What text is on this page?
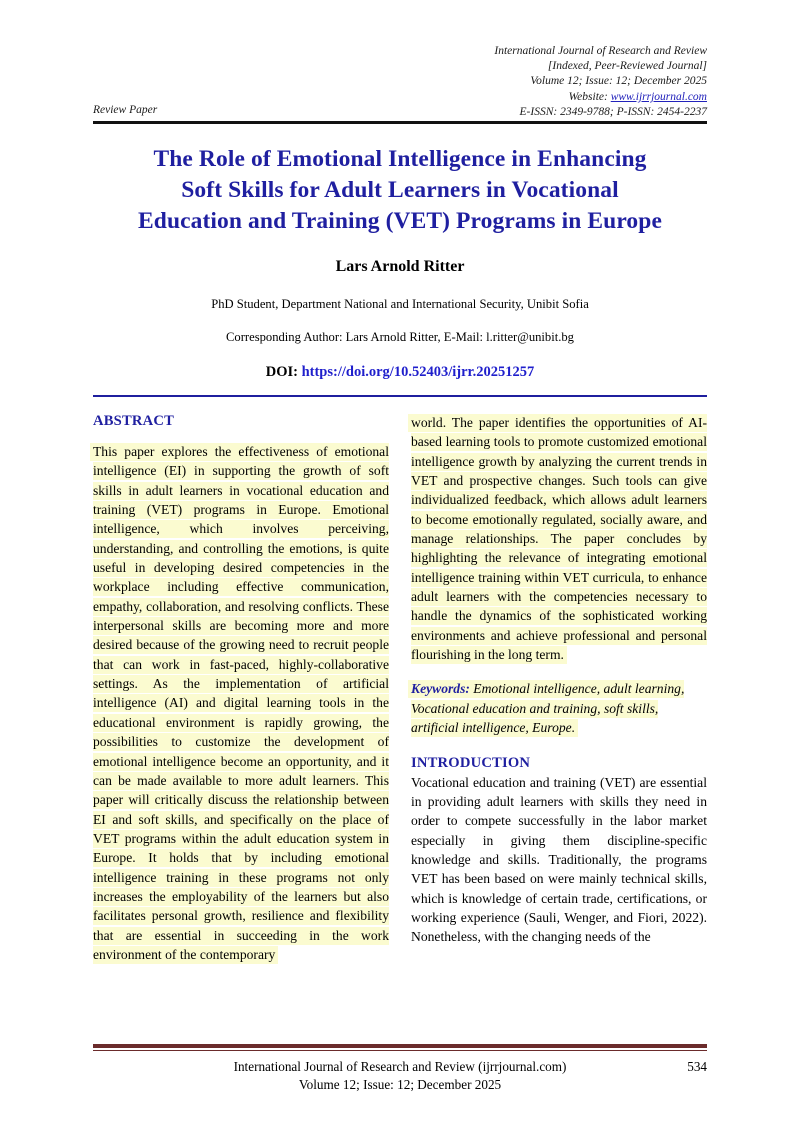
International Journal of Research and Review
[Indexed, Peer-Reviewed Journal]
Volume 12; Issue: 12; December 2025
Website: www.ijrrjournal.com
E-ISSN: 2349-9788; P-ISSN: 2454-2237
Review Paper
The Role of Emotional Intelligence in Enhancing
Soft Skills for Adult Learners in Vocational
Education and Training (VET) Programs in Europe
Lars Arnold Ritter
PhD Student, Department National and International Security, Unibit Sofia
Corresponding Author: Lars Arnold Ritter, E-Mail: l.ritter@unibit.bg
DOI: https://doi.org/10.52403/ijrr.20251257
ABSTRACT

This paper explores the effectiveness of emotional intelligence (EI) in supporting the growth of soft skills in adult learners in vocational education and training (VET) programs in Europe. Emotional intelligence, which involves perceiving, understanding, and controlling the emotions, is quite useful in developing desired competencies in the workplace including effective communication, empathy, collaboration, and resolving conflicts. These interpersonal skills are becoming more and more desired because of the growing need to recruit people that can work in fast-paced, highly-collaborative settings. As the implementation of artificial intelligence (AI) and digital learning tools in the educational environment is rapidly growing, the possibilities to customize the development of emotional intelligence become an opportunity, and it can be made available to more adult learners. This paper will critically discuss the relationship between EI and soft skills, and specifically on the place of VET programs within the adult education system in Europe. It holds that by including emotional intelligence training in these programs not only increases the employability of the learners but also facilitates personal growth, resilience and flexibility that are essential in succeeding in the work environment of the contemporary

world. The paper identifies the opportunities of AI-based learning tools to promote customized emotional intelligence growth by analyzing the current trends in VET and prospective changes. Such tools can give individualized feedback, which allows adult learners to become emotionally regulated, socially aware, and manage relationships. The paper concludes by highlighting the relevance of integrating emotional intelligence training within VET curricula, to enhance adult learners with the competencies necessary to handle the dynamics of the sophisticated working environments and achieve professional and personal flourishing in the long term.

Keywords: Emotional intelligence, adult learning, Vocational education and training, soft skills, artificial intelligence, Europe.

INTRODUCTION

Vocational education and training (VET) are essential in providing adult learners with skills they need in order to compete successfully in the labor market especially in giving them discipline-specific knowledge and skills. Traditionally, the programs VET has been based on were mainly technical skills, which is knowledge of certain trade, certifications, or working experience (Sauli, Wenger, and Fiori, 2022). Nonetheless, with the changing needs of the

International Journal of Research and Review (ijrrjournal.com)
Volume 12; Issue: 12; December 2025
534
